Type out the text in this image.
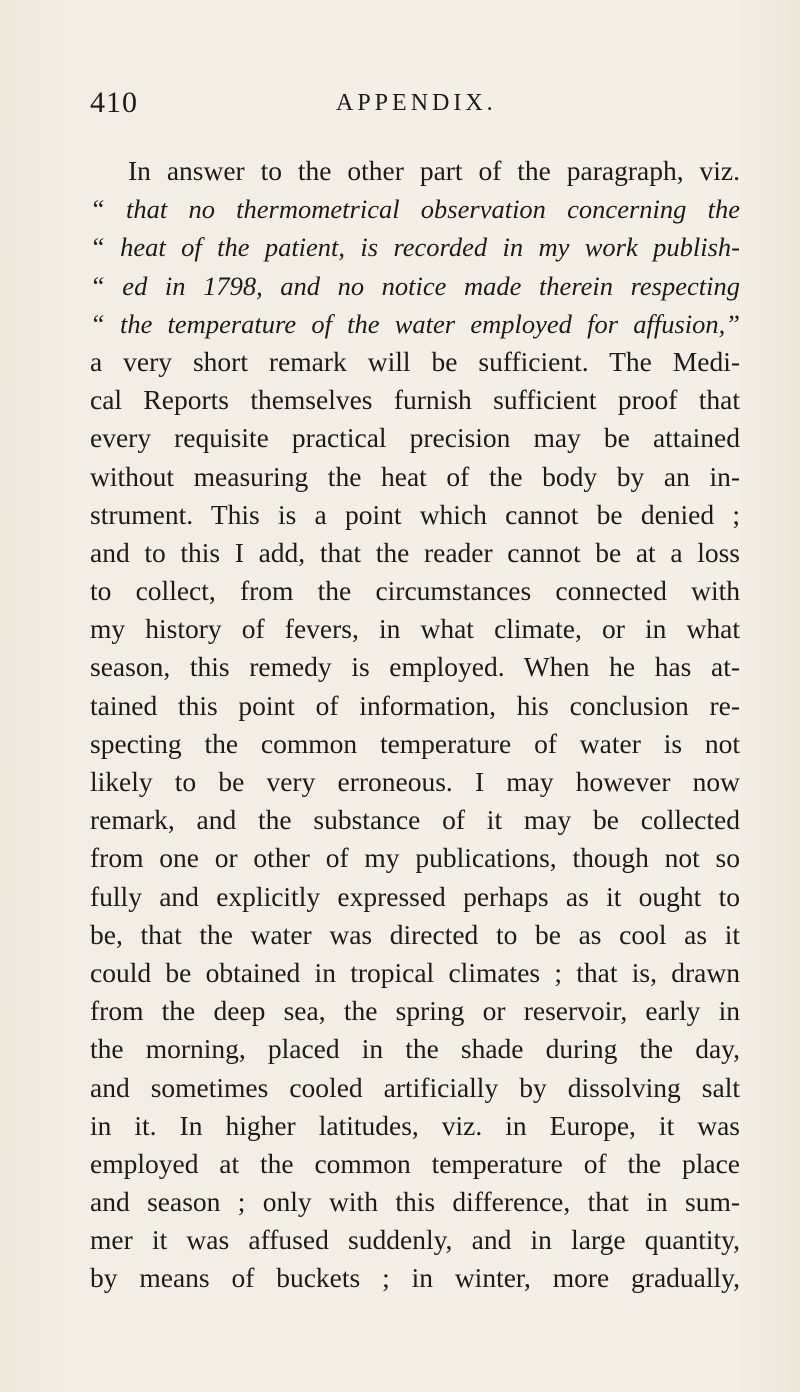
410	APPENDIX.
In answer to the other part of the paragraph, viz.
“ that no thermometrical observation concerning the
“ heat of the patient, is recorded in my work publish-
“ ed in 1798, and no notice made therein respecting
“ the temperature of the water employed for affusion,”
a very short remark will be sufficient. The Medi-
cal Reports themselves furnish sufficient proof that
every requisite practical precision may be attained
without measuring the heat of the body by an in-
strument. This is a point which cannot be denied ;
and to this I add, that the reader cannot be at a loss
to collect, from the circumstances connected with
my history of fevers, in what climate, or in what
season, this remedy is employed. When he has at-
tained this point of information, his conclusion re-
specting the common temperature of water is not
likely to be very erroneous. I may however now
remark, and the substance of it may be collected
from one or other of my publications, though not so
fully and explicitly expressed perhaps as it ought to
be, that the water was directed to be as cool as it
could be obtained in tropical climates ; that is, drawn
from the deep sea, the spring or reservoir, early in
the morning, placed in the shade during the day,
and sometimes cooled artificially by dissolving salt
in it. In higher latitudes, viz. in Europe, it was
employed at the common temperature of the place
and season ; only with this difference, that in sum-
mer it was affused suddenly, and in large quantity,
by means of buckets ; in winter, more gradually,
